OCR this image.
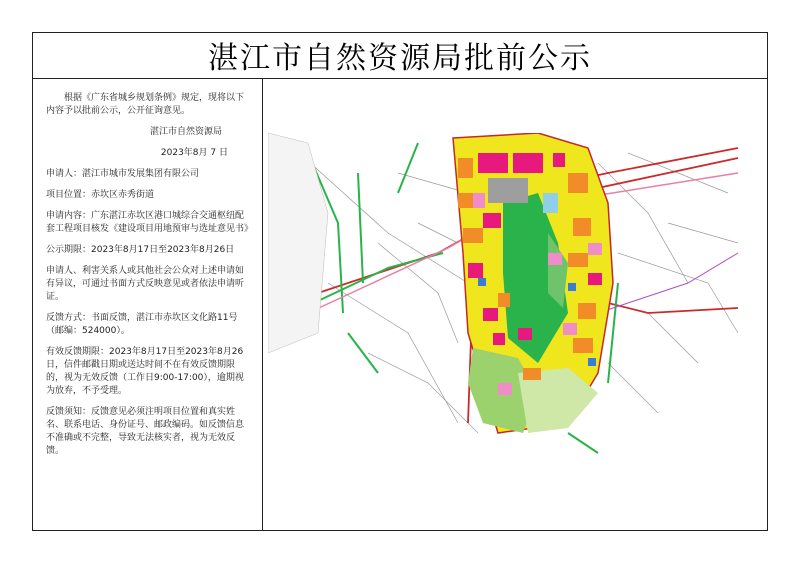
湛江市自然资源局批前公示

根据《广东省城乡规划条例》规定，现将以下内容予以批前公示，公开征询意见。

湛江市自然资源局

2023年8月 7 日

申请人：湛江市城市发展集团有限公司

项目位置：赤坎区赤秀街道

申请内容：广东湛江赤坎区港口城综合交通枢纽配套工程项目核发《建设项目用地预审与选址意见书》

公示期限：2023年8月17日至2023年8月26日

申请人、利害关系人或其他社会公众对上述申请如有异议，可通过书面方式反映意见或者依法申请听证。

反馈方式：书面反馈，湛江市赤坎区文化路11号（邮编：524000）。

有效反馈期限：2023年8月17日至2023年8月26日，信件邮戳日期或送达时间不在有效反馈期限的，视为无效反馈（工作日9:00-17:00），逾期视为放弃，不予受理。

反馈须知：反馈意见必须注明项目位置和真实姓名、联系电话、身份证号、邮政编码。如反馈信息不准确或不完整，导致无法核实者，视为无效反馈。
